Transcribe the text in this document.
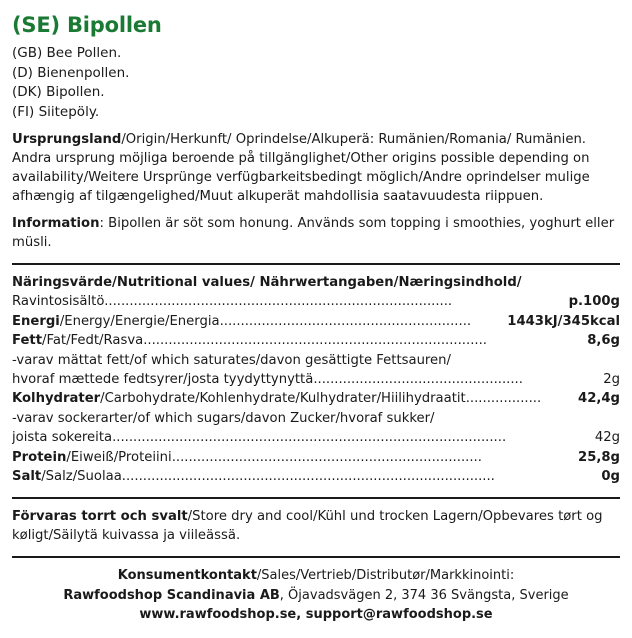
(SE) Bipollen
(GB) Bee Pollen.
(D) Bienenpollen.
(DK) Bipollen.
(FI) Siitepöly.
Ursprungsland/Origin/Herkunft/ Oprindelse/Alkuperä: Rumänien/Romania/ Rumänien. Andra ursprung möjliga beroende på tillgänglighet/Other origins possible depending on availability/Weitere Ursprünge verfügbarkeitsbedingt möglich/Andre oprindelser mulige afhængig af tilgængelighed/Muut alkuperät mahdollisia saatavuudesta riippuen.
Information: Bipollen är söt som honung. Används som topping i smoothies, yoghurt eller müsli.
Näringsvärde/Nutritional values/ Nährwertangaben/Næringsindhold/
p.100g
Ravintosisältö...................................................................................
1443kJ/345kcal
Energi/Energy/Energie/Energia............................................................
8,6g
Fett/Fat/Fedt/Rasva..................................................................................
-varav mättat fett/of which saturates/davon gesättigte Fettsauren/
2g
hvoraf mættede fedtsyrer/josta tyydyttynyttä..................................................
42,4g
Kolhydrater/Carbohydrate/Kohlenhydrate/Kulhydrater/Hiilihydraatit..................
-varav sockerarter/of which sugars/davon Zucker/hvoraf sukker/
42g
joista sokereita..............................................................................................
25,8g
Protein/Eiweiß/Proteiini..........................................................................
0g
Salt/Salz/Suolaa.........................................................................................
Förvaras torrt och svalt/Store dry and cool/Kühl und trocken Lagern/Opbevares tørt og køligt/Säilytä kuivassa ja viileässä.
Konsumentkontakt/Sales/Vertrieb/Distributør/Markkinointi:
Rawfoodshop Scandinavia AB, Öjavadsvägen 2, 374 36 Svängsta, Sverige
www.rawfoodshop.se, support@rawfoodshop.se
